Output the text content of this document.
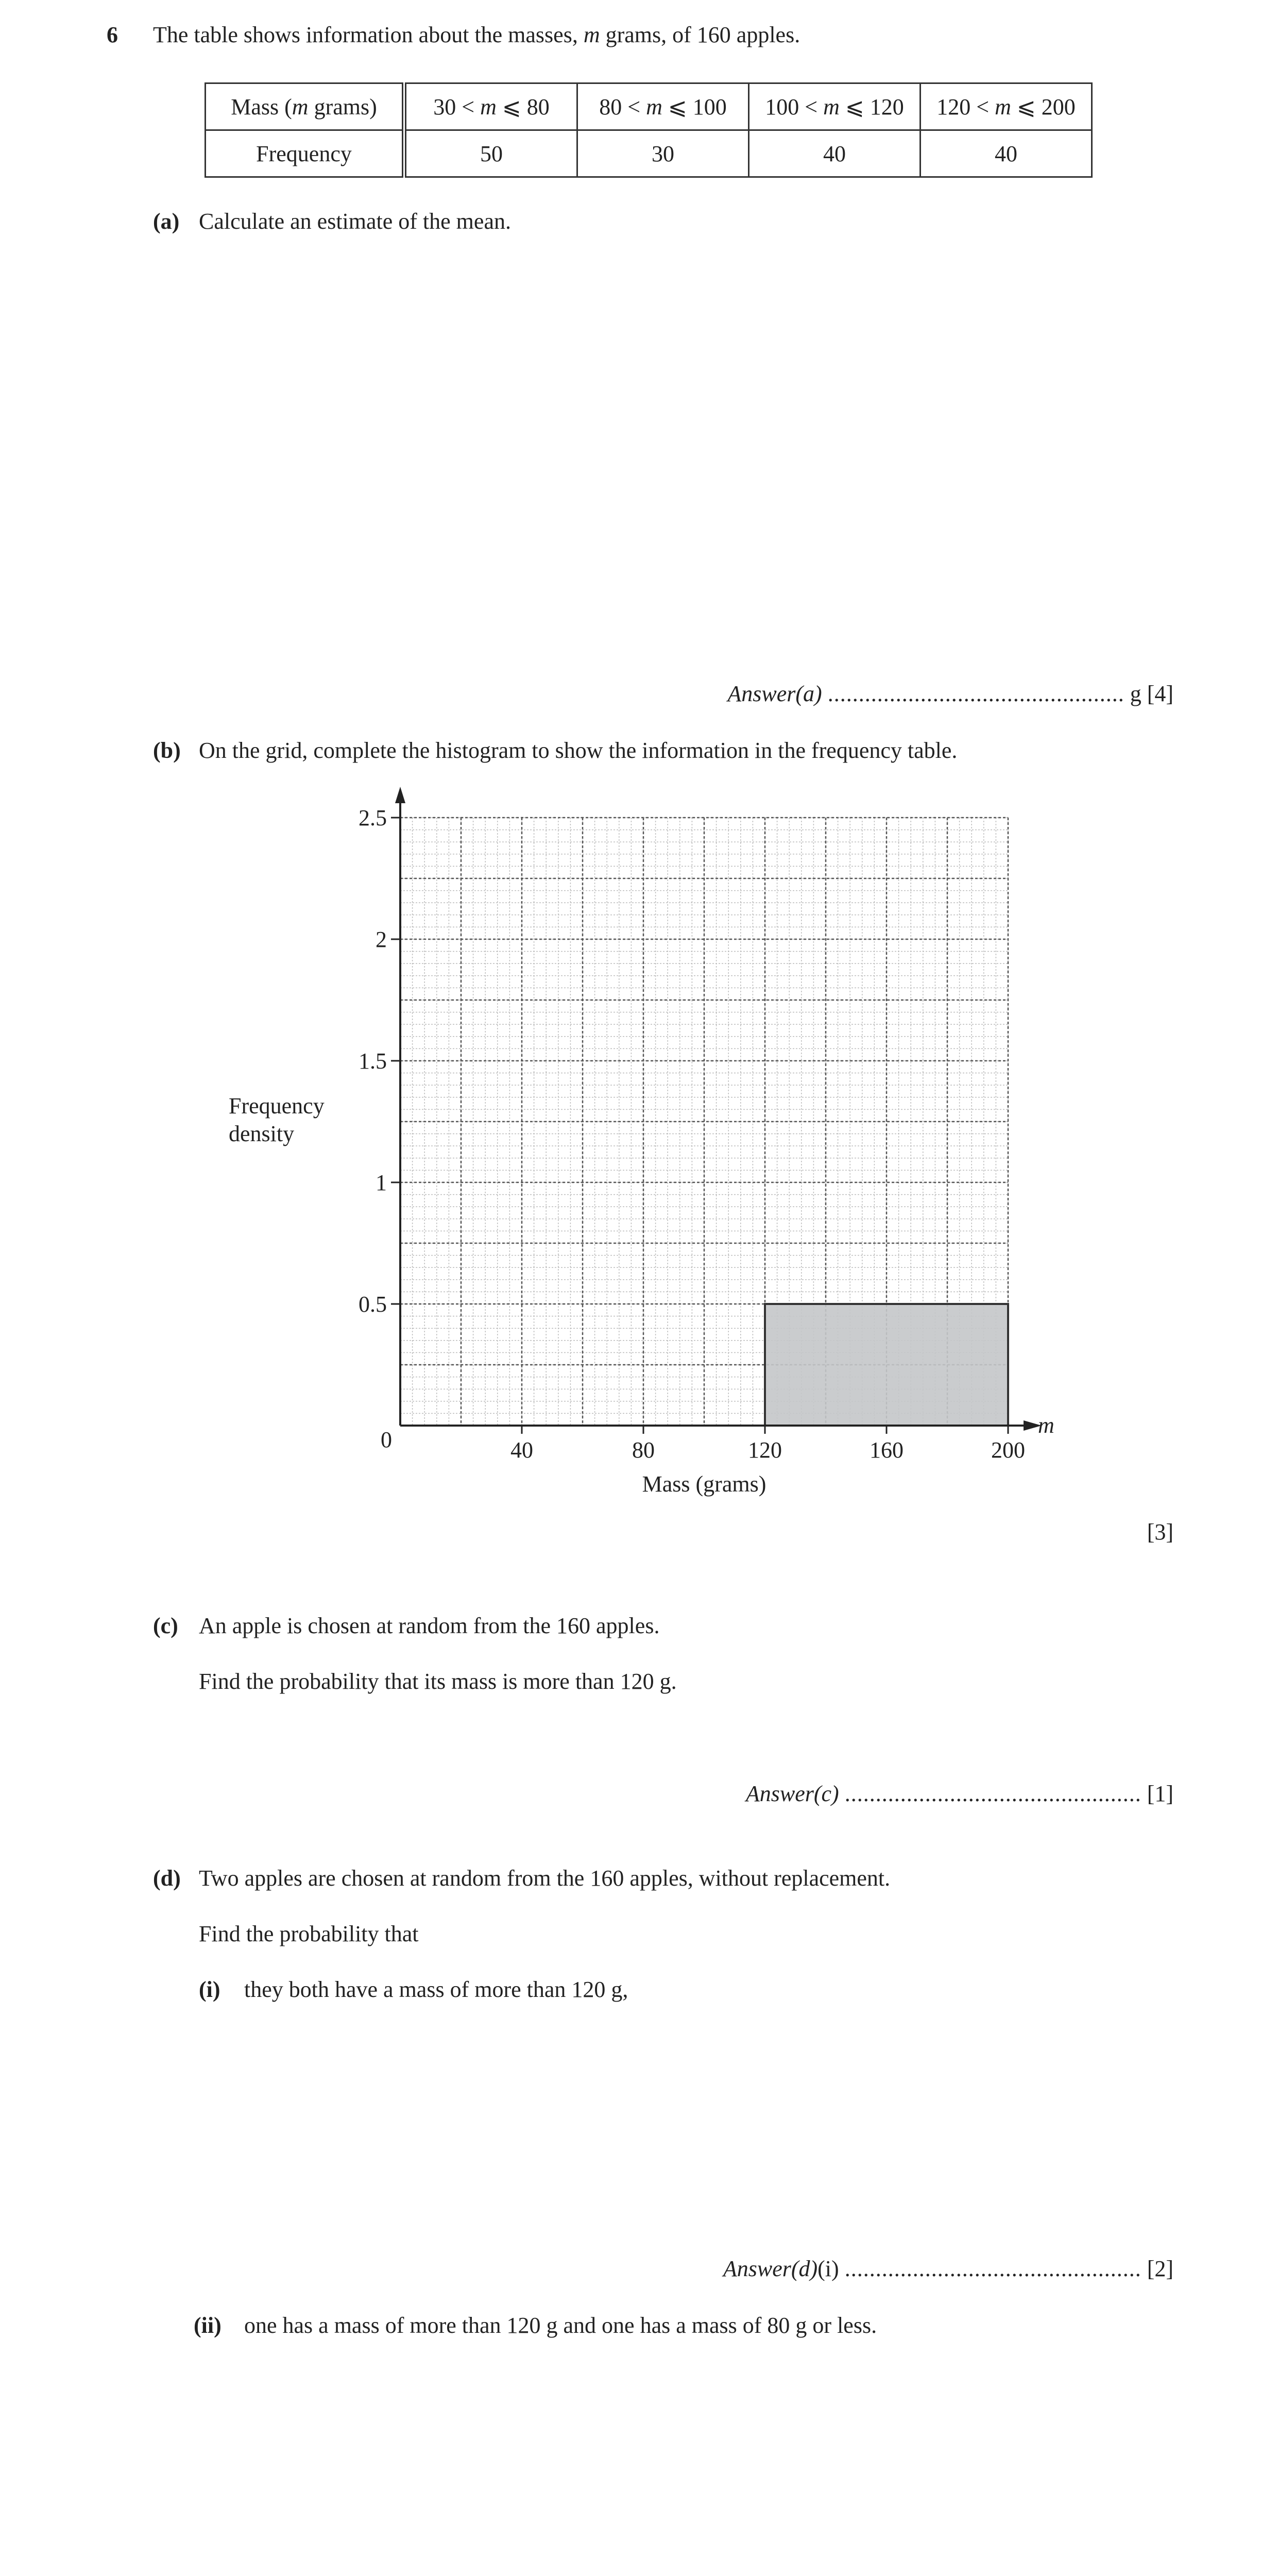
6 The table shows information about the masses, m grams, of 160 apples.
Mass (m grams)	30 < m ⩽ 80	80 < m ⩽ 100	100 < m ⩽ 120	120 < m ⩽ 200
Frequency	50	30	40	40
(a) Calculate an estimate of the mean.
Answer(a) ................................................ g [4]
(b) On the grid, complete the histogram to show the information in the frequency table.
40	80	120	160	200
0.5
1
1.5
2
2.5
0
m
Mass (grams)
Frequency
density
[3]
(c) An apple is chosen at random from the 160 apples.
Find the probability that its mass is more than 120 g.
Answer(c) ................................................ [1]
(d) Two apples are chosen at random from the 160 apples, without replacement.
Find the probability that
(i) they both have a mass of more than 120 g,
Answer(d)(i) ................................................ [2]
(ii) one has a mass of more than 120 g and one has a mass of 80 g or less.
